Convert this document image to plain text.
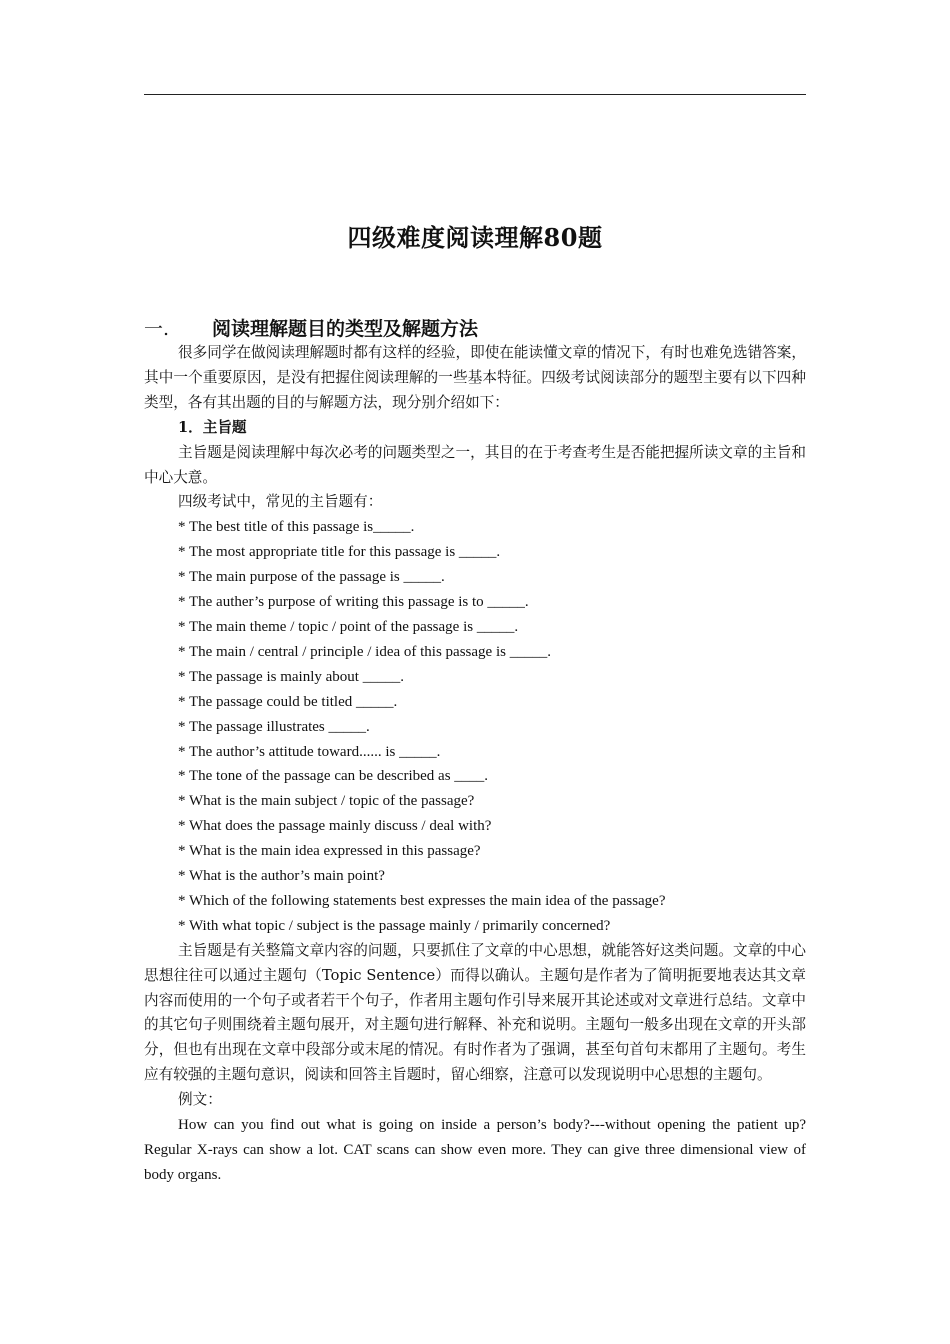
四级难度阅读理解80题
一. 阅读理解题目的类型及解题方法

很多同学在做阅读理解题时都有这样的经验，即使在能读懂文章的情况下，有时也难免选错答案，其中一个重要原因，是没有把握住阅读理解的一些基本特征。四级考试阅读部分的题型主要有以下四种类型，各有其出题的目的与解题方法，现分别介绍如下：

1．主旨题

主旨题是阅读理解中每次必考的问题类型之一，其目的在于考查考生是否能把握所读文章的主旨和中心大意。

四级考试中，常见的主旨题有：

* The best title of this passage is_____.

* The most appropriate title for this passage is _____.

* The main purpose of the passage is _____.

* The auther’s purpose of writing this passage is to _____.

* The main theme / topic / point of the passage is _____.

* The main / central / principle / idea of this passage is _____.

* The passage is mainly about _____.

* The passage could be titled _____.

* The passage illustrates _____.

* The author’s attitude toward...... is _____.

* The tone of the passage can be described as ____.

* What is the main subject / topic of the passage?

* What does the passage mainly discuss / deal with?

* What is the main idea expressed in this passage?

* What is the author’s main point?

* Which of the following statements best expresses the main idea of the passage?

* With what topic / subject is the passage mainly / primarily concerned?

主旨题是有关整篇文章内容的问题，只要抓住了文章的中心思想，就能答好这类问题。文章的中心思想往往可以通过主题句（Topic Sentence）而得以确认。主题句是作者为了简明扼要地表达其文章内容而使用的一个句子或者若干个句子，作者用主题句作引导来展开其论述或对文章进行总结。文章中的其它句子则围绕着主题句展开，对主题句进行解释、补充和说明。主题句一般多出现在文章的开头部分，但也有出现在文章中段部分或末尾的情况。有时作者为了强调，甚至句首句末都用了主题句。考生应有较强的主题句意识，阅读和回答主旨题时，留心细察，注意可以发现说明中心思想的主题句。

例文：

How can you find out what is going on inside a person’s body?---without opening the patient up? Regular X-rays can show a lot. CAT scans can show even more. They can give three dimensional view of body organs.
